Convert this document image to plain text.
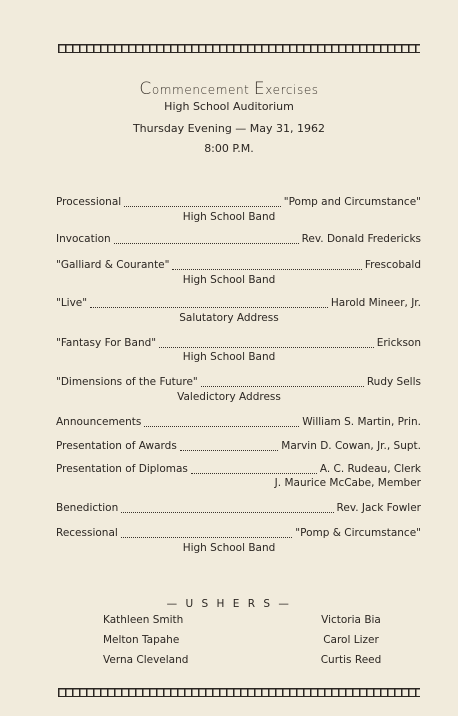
Commencement Exercises
High School Auditorium
Thursday Evening — May 31, 1962
8:00 P.M.
Processional	"Pomp and Circumstance"
High School Band
Invocation	Rev. Donald Fredericks
"Galliard & Courante"	Frescobald
High School Band
"Live"	Harold Mineer, Jr.
Salutatory Address
"Fantasy For Band"	Erickson
High School Band
"Dimensions of the Future"	Rudy Sells
Valedictory Address
Announcements	William S. Martin, Prin.
Presentation of Awards	Marvin D. Cowan, Jr., Supt.
Presentation of Diplomas	A. C. Rudeau, Clerk
J. Maurice McCabe, Member
Benediction	Rev. Jack Fowler
Recessional	"Pomp & Circumstance"
High School Band
— U S H E R S —
Kathleen Smith
Melton Tapahe
Verna Cleveland
Victoria Bia
Carol Lizer
Curtis Reed
